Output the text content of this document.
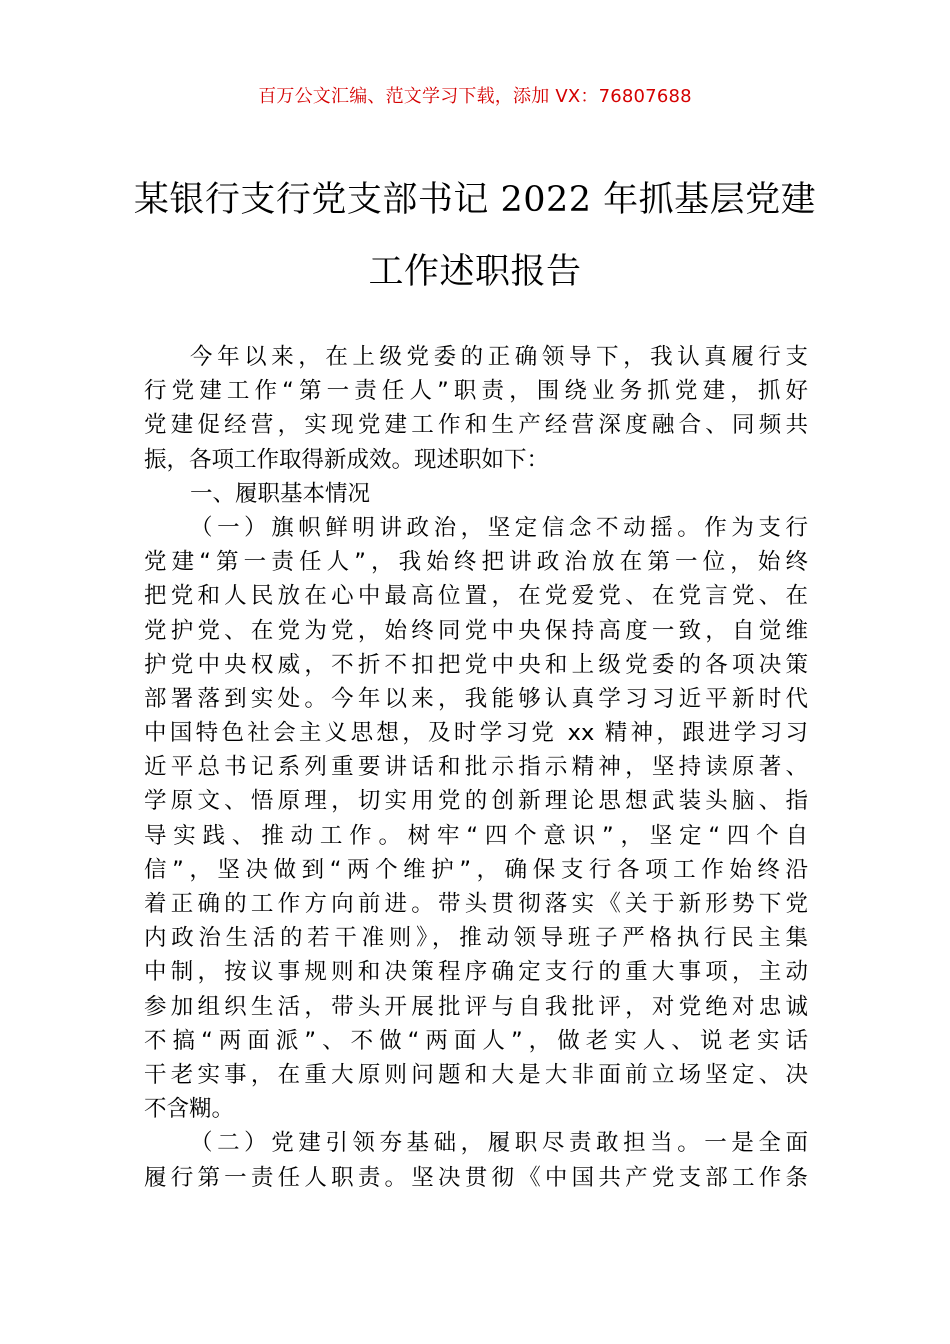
百万公文汇编、范文学习下载，添加 VX：76807688
某银行支行党支部书记 2022 年抓基层党建
工作述职报告
今年以来，在上级党委的正确领导下，我认真履行支
行党建工作“第一责任人”职责，围绕业务抓党建，抓好
党建促经营，实现党建工作和生产经营深度融合、同频共
振，各项工作取得新成效。现述职如下：
一、履职基本情况
（一）旗帜鲜明讲政治，坚定信念不动摇。作为支行
党建“第一责任人”，我始终把讲政治放在第一位，始终
把党和人民放在心中最高位置，在党爱党、在党言党、在
党护党、在党为党，始终同党中央保持高度一致，自觉维
护党中央权威，不折不扣把党中央和上级党委的各项决策
部署落到实处。今年以来，我能够认真学习习近平新时代
中国特色社会主义思想，及时学习党 xx 精神，跟进学习习
近平总书记系列重要讲话和批示指示精神，坚持读原著、
学原文、悟原理，切实用党的创新理论思想武装头脑、指
导实践、推动工作。树牢“四个意识”，坚定“四个自
信”，坚决做到“两个维护”，确保支行各项工作始终沿
着正确的工作方向前进。带头贯彻落实《关于新形势下党
内政治生活的若干准则》，推动领导班子严格执行民主集
中制，按议事规则和决策程序确定支行的重大事项，主动
参加组织生活，带头开展批评与自我批评，对党绝对忠诚
不搞“两面派”、不做“两面人”，做老实人、说老实话
干老实事，在重大原则问题和大是大非面前立场坚定、决
不含糊。
（二）党建引领夯基础，履职尽责敢担当。一是全面
履行第一责任人职责。坚决贯彻《中国共产党支部工作条
